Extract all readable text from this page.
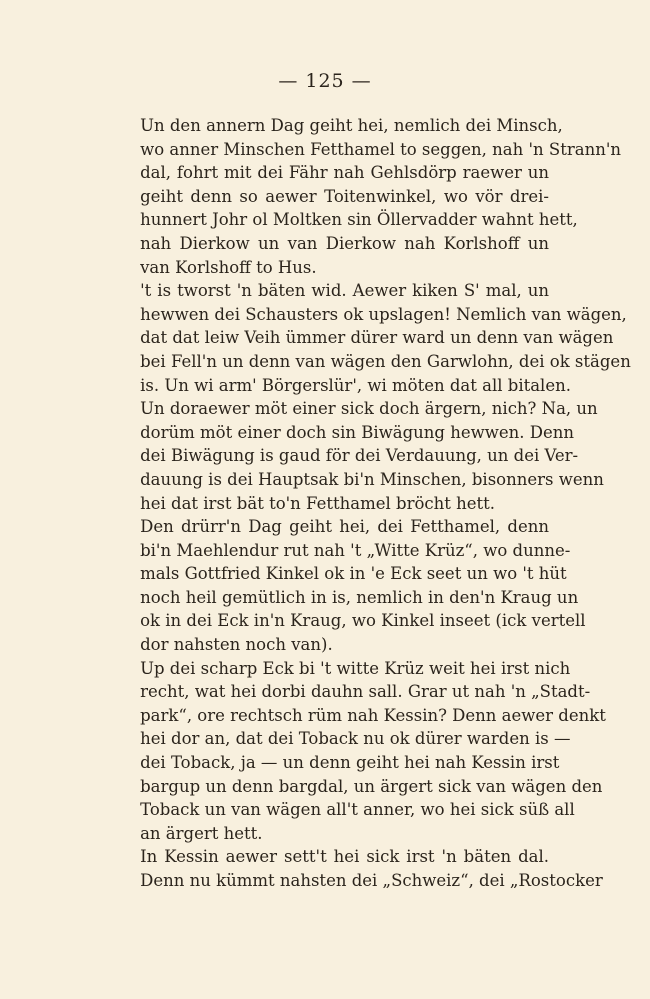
— 125 —

Un den annern Dag geiht hei, nemlich dei Minsch,
wo anner Minschen Fetthamel to seggen, nah 'n Strann'n
dal, fohrt mit dei Fähr nah Gehlsdörp raewer un
geiht denn so aewer Toitenwinkel, wo vör drei-
hunnert Johr ol Moltken sin Öllervadder wahnt hett,
nah Dierkow un van Dierkow nah Korlshoff un
van Korlshoff to Hus.

't is tworst 'n bäten wid. Aewer kiken S' mal, un
hewwen dei Schausters ok upslagen! Nemlich van wägen,
dat dat leiw Veih ümmer dürer ward un denn van wägen
bei Fell'n un denn van wägen den Garwlohn, dei ok stägen
is. Un wi arm' Börgerslür', wi möten dat all bitalen.
Un doraewer möt einer sick doch ärgern, nich? Na, un
dorüm möt einer doch sin Biwägung hewwen. Denn
dei Biwägung is gaud för dei Verdauung, un dei Ver-
dauung is dei Hauptsak bi'n Minschen, bisonners wenn
hei dat irst bät to'n Fetthamel bröcht hett.

Den drürr'n Dag geiht hei, dei Fetthamel, denn
bi'n Maehlendur rut nah 't „Witte Krüz“, wo dunne-
mals Gottfried Kinkel ok in 'e Eck seet un wo 't hüt
noch heil gemütlich in is, nemlich in den'n Kraug un
ok in dei Eck in'n Kraug, wo Kinkel inseet (ick vertell
dor nahsten noch van).

Up dei scharp Eck bi 't witte Krüz weit hei irst nich
recht, wat hei dorbi dauhn sall. Grar ut nah 'n „Stadt-
park“, ore rechtsch rüm nah Kessin? Denn aewer denkt
hei dor an, dat dei Toback nu ok dürer warden is —
dei Toback, ja — un denn geiht hei nah Kessin irst
bargup un denn bargdal, un ärgert sick van wägen den
Toback un van wägen all't anner, wo hei sick süß all
an ärgert hett.

In Kessin aewer sett't hei sick irst 'n bäten dal.
Denn nu kümmt nahsten dei „Schweiz“, dei „Rostocker
